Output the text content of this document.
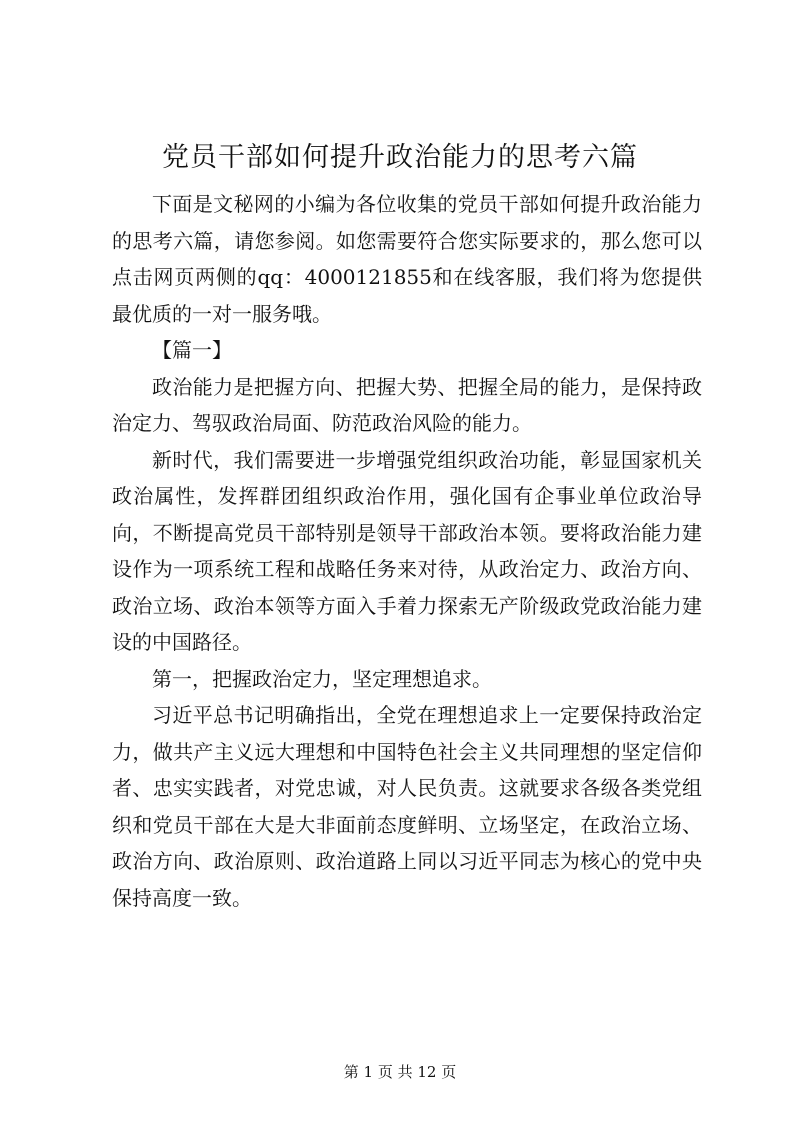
党员干部如何提升政治能力的思考六篇

下面是文秘网的小编为各位收集的党员干部如何提升政治能力的思考六篇，请您参阅。如您需要符合您实际要求的，那么您可以点击网页两侧的qq：4000121855和在线客服，我们将为您提供最优质的一对一服务哦。

【篇一】

政治能力是把握方向、把握大势、把握全局的能力，是保持政治定力、驾驭政治局面、防范政治风险的能力。

新时代，我们需要进一步增强党组织政治功能，彰显国家机关政治属性，发挥群团组织政治作用，强化国有企事业单位政治导向，不断提高党员干部特别是领导干部政治本领。要将政治能力建设作为一项系统工程和战略任务来对待，从政治定力、政治方向、政治立场、政治本领等方面入手着力探索无产阶级政党政治能力建设的中国路径。

第一，把握政治定力，坚定理想追求。

习近平总书记明确指出，全党在理想追求上一定要保持政治定力，做共产主义远大理想和中国特色社会主义共同理想的坚定信仰者、忠实实践者，对党忠诚，对人民负责。这就要求各级各类党组织和党员干部在大是大非面前态度鲜明、立场坚定，在政治立场、政治方向、政治原则、政治道路上同以习近平同志为核心的党中央保持高度一致。

第 1 页 共 12 页
